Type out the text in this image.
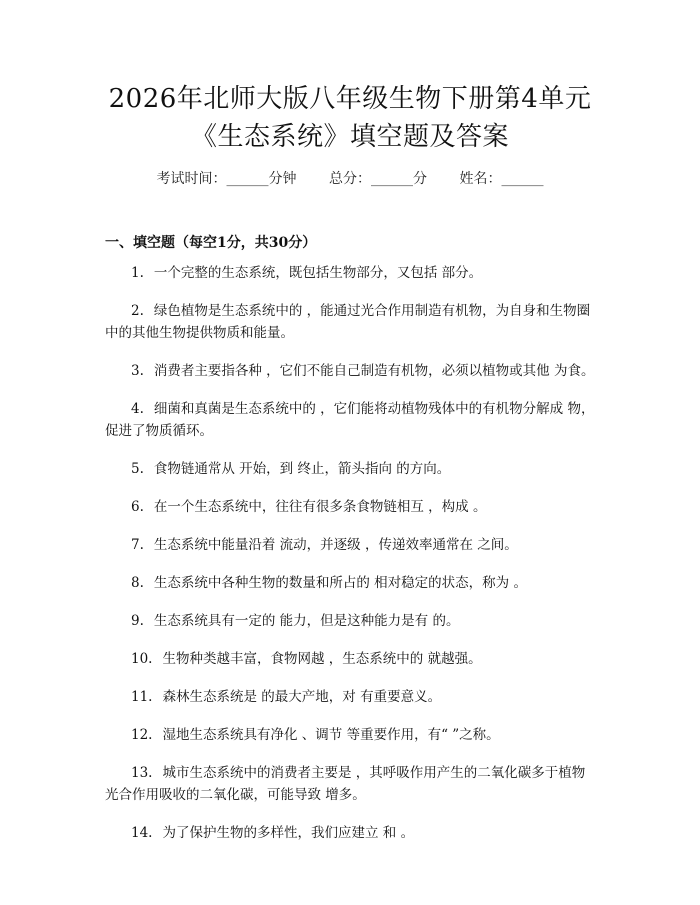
2026年北师大版八年级生物下册第4单元
《生态系统》填空题及答案
考试时间：______分钟 总分：______分 姓名：______
一、填空题（每空1分，共30分）

1. 一个完整的生态系统，既包括生物部分，又包括 部分。

2. 绿色植物是生态系统中的 ，能通过光合作用制造有机物，为自身和生物圈中的其他生物提供物质和能量。

3. 消费者主要指各种 ，它们不能自己制造有机物，必须以植物或其他 为食。

4. 细菌和真菌是生态系统中的 ，它们能将动植物残体中的有机物分解成 物，促进了物质循环。

5. 食物链通常从 开始，到 终止，箭头指向 的方向。

6. 在一个生态系统中，往往有很多条食物链相互 ，构成 。

7. 生态系统中能量沿着 流动，并逐级 ，传递效率通常在 之间。

8. 生态系统中各种生物的数量和所占的 相对稳定的状态，称为 。

9. 生态系统具有一定的 能力，但是这种能力是有 的。

10. 生物种类越丰富，食物网越 ，生态系统中的 就越强。

11. 森林生态系统是 的最大产地，对 有重要意义。

12. 湿地生态系统具有净化 、调节 等重要作用，有“ ”之称。

13. 城市生态系统中的消费者主要是 ，其呼吸作用产生的二氧化碳多于植物光合作用吸收的二氧化碳，可能导致 增多。

14. 为了保护生物的多样性，我们应建立 和 。
